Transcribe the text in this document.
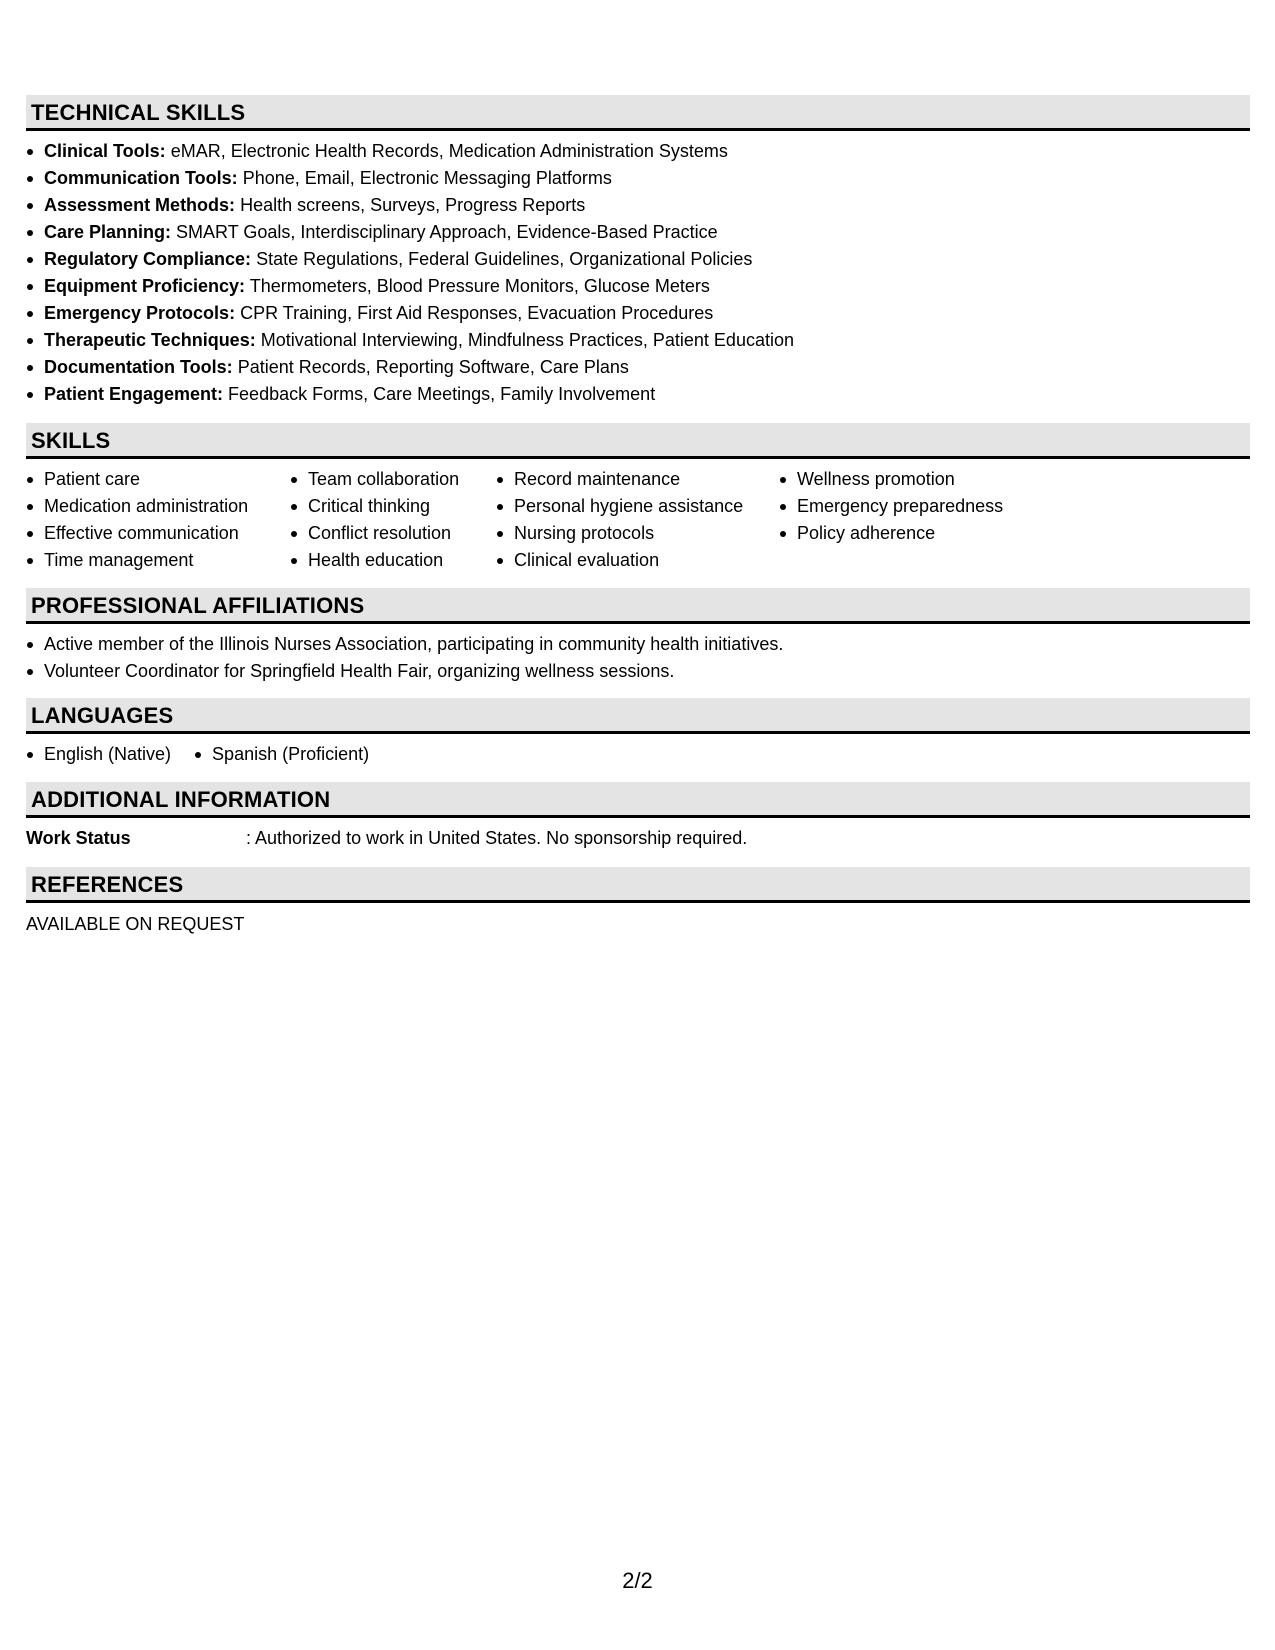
TECHNICAL SKILLS
Clinical Tools: eMAR, Electronic Health Records, Medication Administration Systems
Communication Tools: Phone, Email, Electronic Messaging Platforms
Assessment Methods: Health screens, Surveys, Progress Reports
Care Planning: SMART Goals, Interdisciplinary Approach, Evidence-Based Practice
Regulatory Compliance: State Regulations, Federal Guidelines, Organizational Policies
Equipment Proficiency: Thermometers, Blood Pressure Monitors, Glucose Meters
Emergency Protocols: CPR Training, First Aid Responses, Evacuation Procedures
Therapeutic Techniques: Motivational Interviewing, Mindfulness Practices, Patient Education
Documentation Tools: Patient Records, Reporting Software, Care Plans
Patient Engagement: Feedback Forms, Care Meetings, Family Involvement
SKILLS
Patient care
Medication administration
Effective communication
Time management
Team collaboration
Critical thinking
Conflict resolution
Health education
Record maintenance
Personal hygiene assistance
Nursing protocols
Clinical evaluation
Wellness promotion
Emergency preparedness
Policy adherence
PROFESSIONAL AFFILIATIONS
Active member of the Illinois Nurses Association, participating in community health initiatives.
Volunteer Coordinator for Springfield Health Fair, organizing wellness sessions.
LANGUAGES
English (Native)	Spanish (Proficient)
ADDITIONAL INFORMATION
Work Status	: Authorized to work in United States. No sponsorship required.
REFERENCES
AVAILABLE ON REQUEST
2/2
